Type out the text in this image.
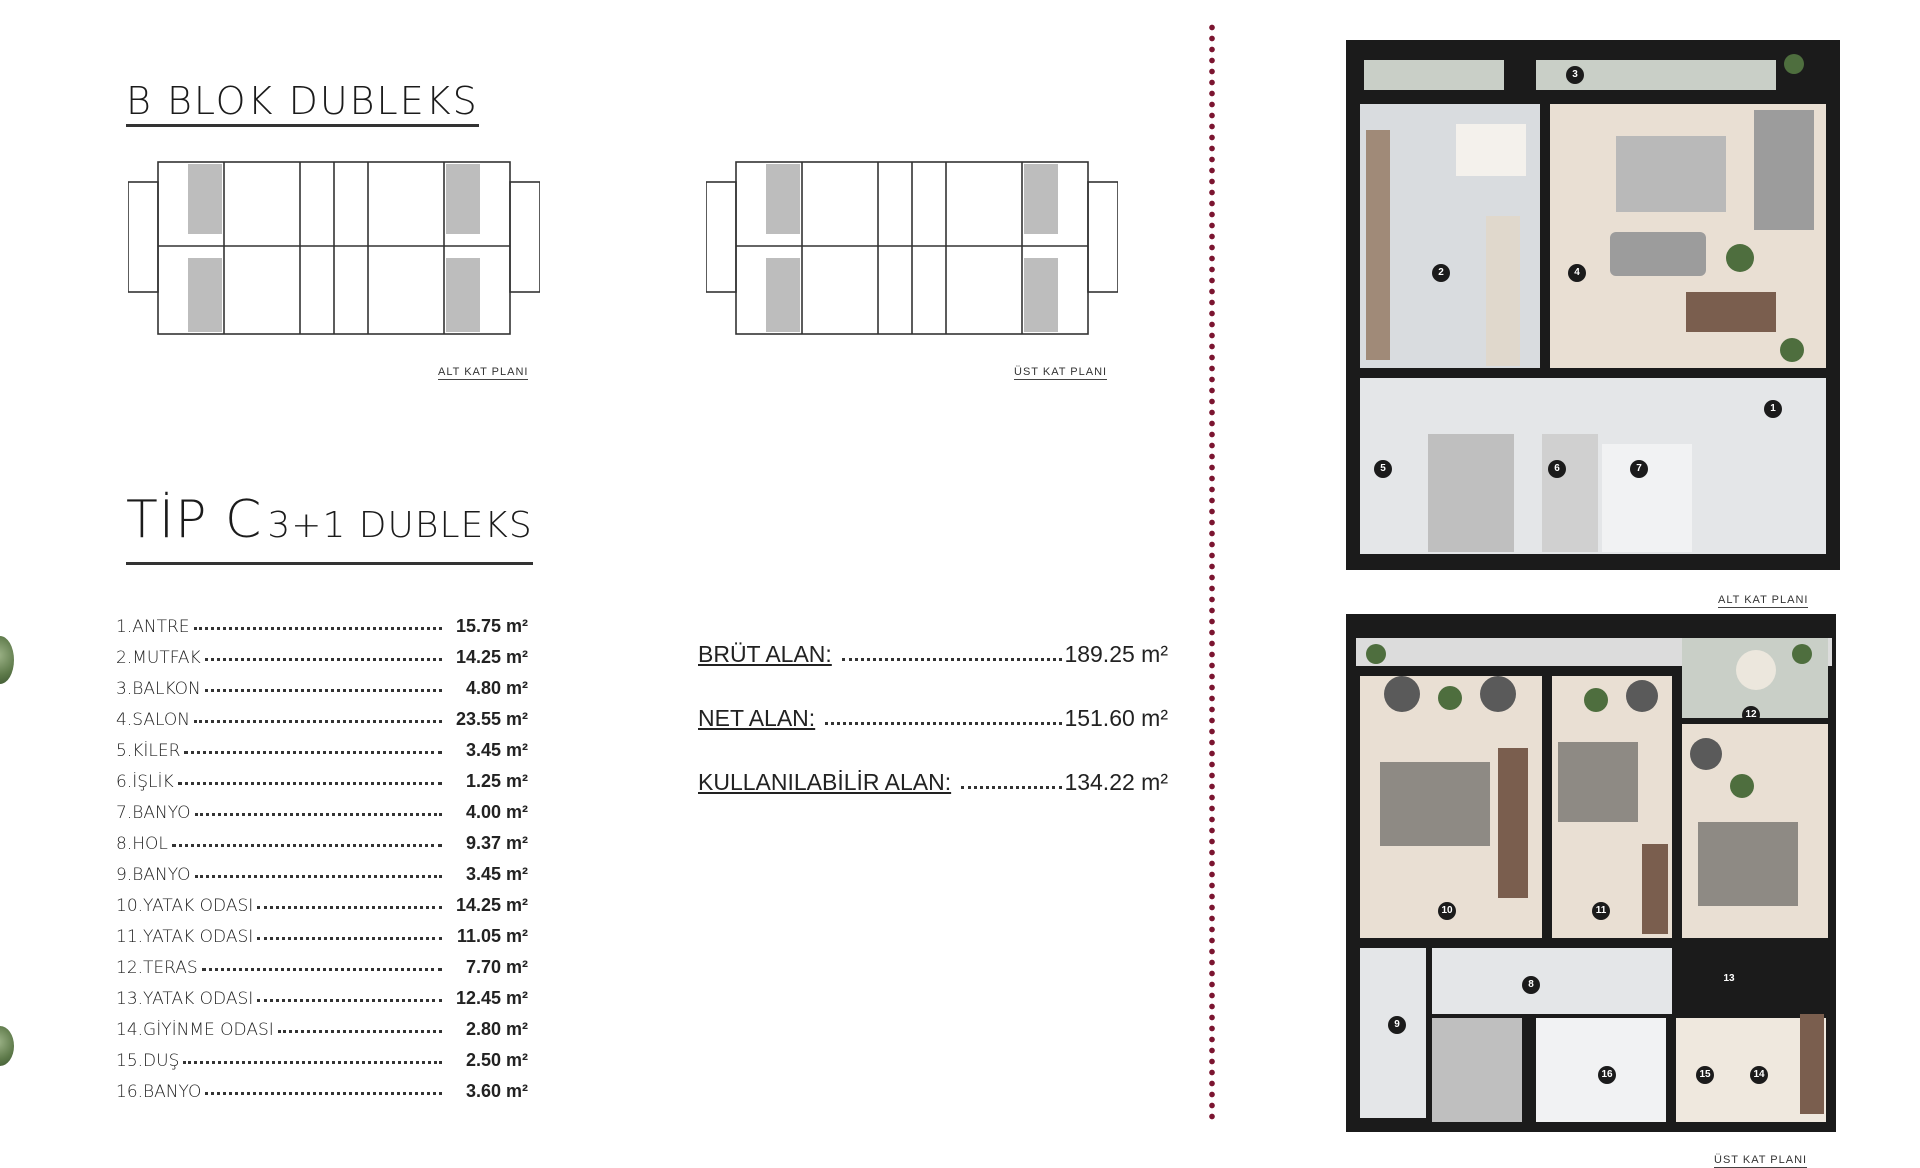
B BLOK DUBLEKS
TİP C 3+1 DUBLEKS
ALT KAT PLANI	ÜST KAT PLANI
1.ANTRE	15.75 m²
2.MUTFAK	14.25 m²
3.BALKON	4.80 m²
4.SALON	23.55 m²
5.KİLER	3.45 m²
6.İŞLİK	1.25 m²
7.BANYO	4.00 m²
8.HOL	9.37 m²
9.BANYO	3.45 m²
10.YATAK ODASI	14.25 m²
11.YATAK ODASI	11.05 m²
12.TERAS	7.70 m²
13.YATAK ODASI	12.45 m²
14.GİYİNME ODASI	2.80 m²
15.DUŞ	2.50 m²
16.BANYO	3.60 m²
BRÜT ALAN:	189.25 m²
NET ALAN:	151.60 m²
KULLANILABİLİR ALAN:	134.22 m²
3
2	4
1
5	6	7
ALT KAT PLANI
12
10	11
13
8
9
16	15	14
ÜST KAT PLANI
